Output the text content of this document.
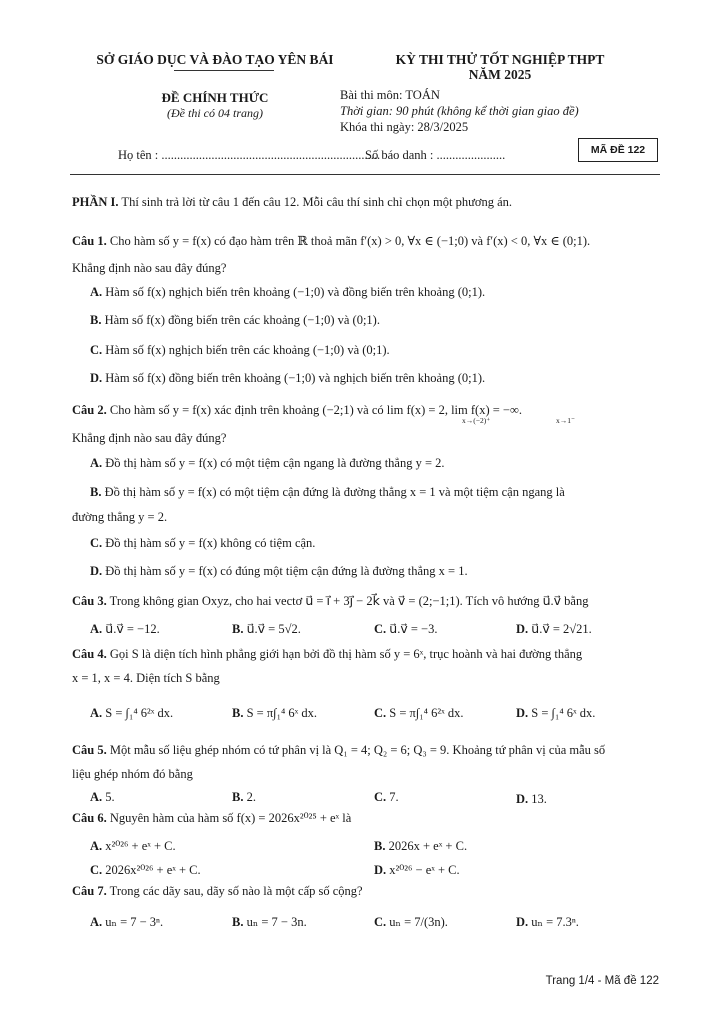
SỞ GIÁO DỤC VÀ ĐÀO TẠO YÊN BÁI
ĐỀ CHÍNH THỨC
(Đề thi có 04 trang)
KỲ THI THỬ TỐT NGHIỆP THPT
NĂM 2025
Bài thi môn: TOÁN
Thời gian: 90 phút (không kể thời gian giao đề)
Khóa thi ngày: 28/3/2025
Họ tên : ......................................................................
Số báo danh : ......................	MÃ ĐỀ 122
PHẦN I. Thí sinh trả lời từ câu 1 đến câu 12. Mỗi câu thí sinh chỉ chọn một phương án.
Câu 1. Cho hàm số y = f(x) có đạo hàm trên ℝ thoả mãn f′(x) > 0, ∀x ∈ (−1;0) và f′(x) < 0, ∀x ∈ (0;1).
Khẳng định nào sau đây đúng?
A. Hàm số f(x) nghịch biến trên khoảng (−1;0) và đồng biến trên khoảng (0;1).
B. Hàm số f(x) đồng biến trên các khoảng (−1;0) và (0;1).
C. Hàm số f(x) nghịch biến trên các khoảng (−1;0) và (0;1).
D. Hàm số f(x) đồng biến trên khoảng (−1;0) và nghịch biến trên khoảng (0;1).
Câu 2. Cho hàm số y = f(x) xác định trên khoảng (−2;1) và có lim f(x) = 2, lim f(x) = −∞.
x→(−2)⁺	x→1⁻
Khẳng định nào sau đây đúng?
A. Đồ thị hàm số y = f(x) có một tiệm cận ngang là đường thẳng y = 2.
B. Đồ thị hàm số y = f(x) có một tiệm cận đứng là đường thẳng x = 1 và một tiệm cận ngang là
đường thẳng y = 2.
C. Đồ thị hàm số y = f(x) không có tiệm cận.
D. Đồ thị hàm số y = f(x) có đúng một tiệm cận đứng là đường thẳng x = 1.
Câu 3. Trong không gian Oxyz, cho hai vectơ u⃗ = i⃗ + 3j⃗ − 2k⃗ và v⃗ = (2;−1;1). Tích vô hướng u⃗.v⃗ bằng
A. u⃗.v⃗ = −12.	B. u⃗.v⃗ = 5√2.	C. u⃗.v⃗ = −3.	D. u⃗.v⃗ = 2√21.
Câu 4. Gọi S là diện tích hình phẳng giới hạn bởi đồ thị hàm số y = 6ˣ, trục hoành và hai đường thẳng
x = 1, x = 4. Diện tích S bằng
A. S = ∫₁⁴ 6²ˣ dx.	B. S = π∫₁⁴ 6ˣ dx.	C. S = π∫₁⁴ 6²ˣ dx.	D. S = ∫₁⁴ 6ˣ dx.
Câu 5. Một mẫu số liệu ghép nhóm có tứ phân vị là Q₁ = 4; Q₂ = 6; Q₃ = 9. Khoảng tứ phân vị của mẫu số
liệu ghép nhóm đó bằng
A. 5.	B. 2.	C. 7.	D. 13.
Câu 6. Nguyên hàm của hàm số f(x) = 2026x²⁰²⁵ + eˣ là
A. x²⁰²⁶ + eˣ + C.	B. 2026x + eˣ + C.
C. 2026x²⁰²⁶ + eˣ + C.	D. x²⁰²⁶ − eˣ + C.
Câu 7. Trong các dãy sau, dãy số nào là một cấp số cộng?
A. uₙ = 7 − 3ⁿ.	B. uₙ = 7 − 3n.	C. uₙ = 7/(3n).	D. uₙ = 7.3ⁿ.
Trang 1/4 - Mã đề 122
